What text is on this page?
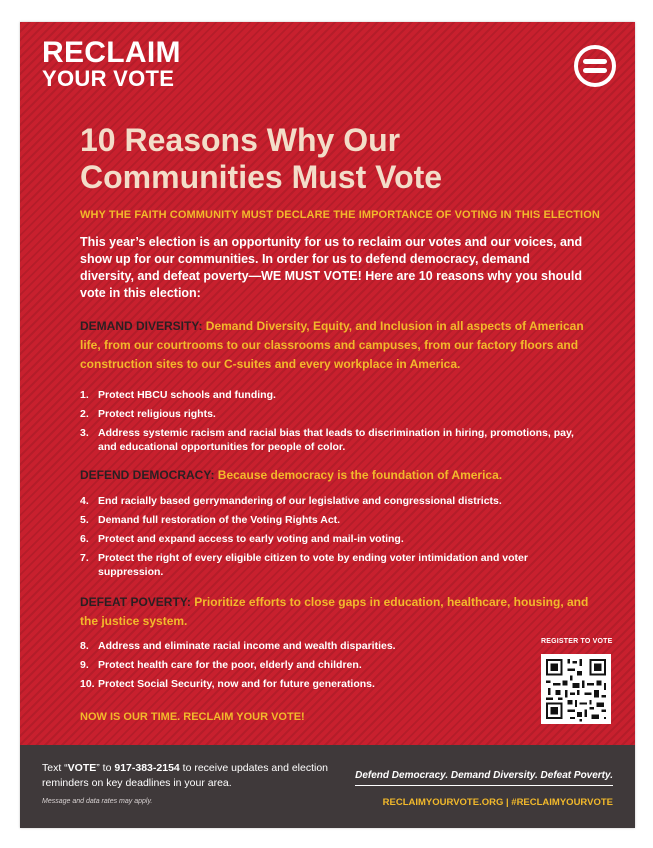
RECLAIM
YOUR VOTE
10 Reasons Why Our Communities Must Vote
WHY THE FAITH COMMUNITY MUST DECLARE THE IMPORTANCE OF VOTING IN THIS ELECTION

This year’s election is an opportunity for us to reclaim our votes and our voices, and show up for our communities. In order for us to defend democracy, demand diversity, and defeat poverty—WE MUST VOTE! Here are 10 reasons why you should vote in this election:

DEMAND DIVERSITY: Demand Diversity, Equity, and Inclusion in all aspects of American life, from our courtrooms to our classrooms and campuses, from our factory floors and construction sites to our C-suites and every workplace in America.

1. Protect HBCU schools and funding.
2. Protect religious rights.
3. Address systemic racism and racial bias that leads to discrimination in hiring, promotions, pay, and educational opportunities for people of color.

DEFEND DEMOCRACY: Because democracy is the foundation of America.

4. End racially based gerrymandering of our legislative and congressional districts.
5. Demand full restoration of the Voting Rights Act.
6. Protect and expand access to early voting and mail-in voting.
7. Protect the right of every eligible citizen to vote by ending voter intimidation and voter suppression.

DEFEAT POVERTY: Prioritize efforts to close gaps in education, healthcare, housing, and the justice system.

8. Address and eliminate racial income and wealth disparities.
9. Protect health care for the poor, elderly and children.
10. Protect Social Security, now and for future generations.
NOW IS OUR TIME. RECLAIM YOUR VOTE!
REGISTER TO VOTE
Text “VOTE” to 917-383-2154 to receive updates and election reminders on key deadlines in your area.
Message and data rates may apply.
Defend Democracy. Demand Diversity. Defeat Poverty.
RECLAIMYOURVOTE.ORG | #RECLAIMYOURVOTE
